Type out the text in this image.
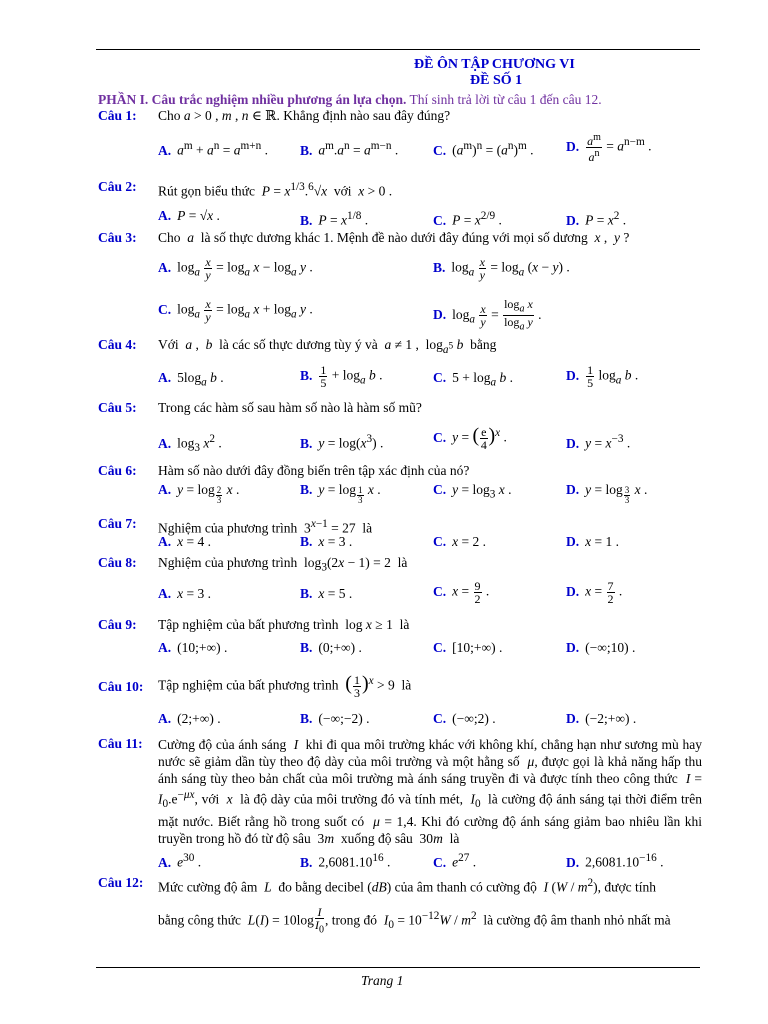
ĐỀ ÔN TẬP CHƯƠNG VI
ĐỀ SỐ 1
PHẦN I. Câu trắc nghiệm nhiều phương án lựa chọn. Thí sinh trả lời từ câu 1 đến câu 12.
Câu 1: Cho a > 0 , m , n ∈ ℝ. Khẳng định nào sau đây đúng?
A. $a^m + a^n = a^{m+n}$ . B. $a^m.a^n = a^{m-n}$ .	C. $(a^m)^n = (a^n)^m$ . D. $\frac{a^m}{a^n} = a^{n-m}$ .
Câu 2: Rút gọn biểu thức  $P = x^{1/3}.^6√x$  với  x > 0 .
A. P = √x .	B. $P = x^{1/8}$ .	C. $P = x^{2/9}$ .	D. $P = x^2$ .
Câu 3: Cho  a  là số thực dương khác 1. Mệnh đề nào dưới đây đúng với mọi số dương  x ,  y ?
A. $\log_a \frac{x}{y} = \log_a x - \log_a y$ .	B. $\log_a \frac{x}{y} = \log_a (x - y)$ .
C. $\log_a \frac{x}{y} = \log_a x + \log_a y$ .	D. $\log_a \frac{x}{y} = \frac{\log_a x}{\log_a y}$ .
Câu 4: Với  a ,  b  là các số thực dương tùy ý và  a ≠ 1 ,  $\log_{a^5} b$  bằng
A. $5\log_a$ b .	B. $\frac{1}{5} + \log_a b$ .	C. $5 + \log_a b$ .	D. $\frac{1}{5} \log_a b$ .
Câu 5: Trong các hàm số sau hàm số nào là hàm số mũ?
A. $\log_3 x^2$ .	B. $y = \log(x^3)$ .	C. y = ( $\frac{e}{4} )^x$ .	D. $y = x^{-3}$ .
Câu 6: Hàm số nào dưới đây đồng biến trên tập xác định của nó?
A. y = log $_{\frac{2}{3}}$ x .	B. y = log $_{\frac{1}{3}}$ x .	C. $y = \log_3 x$ .	D. y = log $_{\frac{3}{3}}$ x .
Câu 7: Nghiệm của phương trình  $3^{x-1} = 27$  là
A. x = 4 .	B. x = 3 .	C. x = 2 .	D. x = 1 .
Câu 8: Nghiệm của phương trình  $\log_3(2x - 1) = 2$  là
A. x = 3 .	B. x = 5 .	C. $x = \frac{9}{2}$ .	D. $x = \frac{7}{2}$ .
Câu 9: Tập nghiệm của bất phương trình  log x ≥ 1  là
A. (10;+∞) .	B. (0;+∞) .	C. [10;+∞) .	D. (−∞;10) .
Câu 10: Tập nghiệm của bất phương trình  ( $\frac{1}{3} )^x > 9$  là
A. (2;+∞) .	B. (−∞;−2) .	C. (−∞;2) .	D. (−2;+∞) .
Câu 11: Cường độ của ánh sáng  I  khi đi qua môi trường khác với không khí, chẳng hạn như sương mù hay nước sẽ giảm dần tùy theo độ dày của môi trường và một hằng số  μ, được gọi là khả năng hấp thu ánh sáng tùy theo bản chất của môi trường mà ánh sáng truyền đi và được tính theo công thức  $I = I_0.e^{-\mu x}$, với  x  là độ dày của môi trường đó và tính mét,  $I_0$  là cường độ ánh sáng tại thời điểm trên mặt nước. Biết rằng hồ trong suốt có  μ = 1,4. Khi đó cường độ ánh sáng giảm bao nhiêu lần khi truyền trong hồ đó từ độ sâu  3m  xuống độ sâu  30m  là
A. $e^{30}$ .	B. 2,6081.10$^{16}$ .	C. $e^{27}$ .	D. $2,6081.10^{-16}$ .
Câu 12: Mức cường độ âm  L  đo bằng decibel (dB) của âm thanh có cường độ  I $(W / m^2)$, được tính
bằng công thức  $L(I) = 10\log \frac{I}{I_0}$ , trong đó  $I_0 = 10^{-12}W / m^2$  là cường độ âm thanh nhỏ nhất mà
Trang 1
